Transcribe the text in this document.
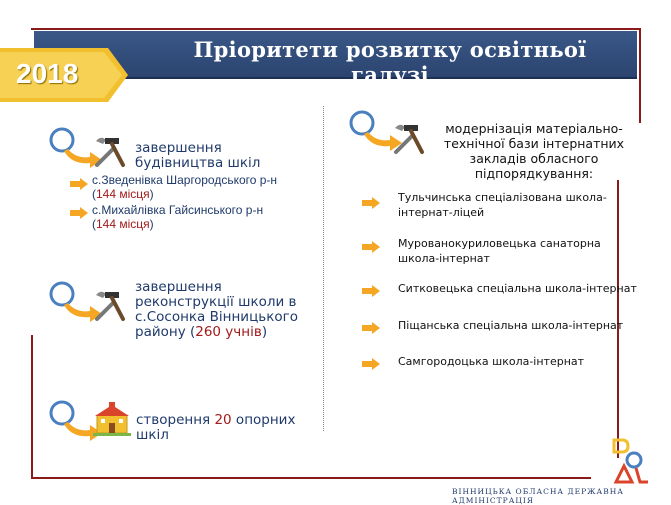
Пріоритети розвитку освітньої галузі
2018
завершення
будівництва шкіл
с.Зведенівка Шаргородського р-н
(144 місця)
с.Михайлівка Гайсинського р-н
(144 місця)
завершення
реконструкції школи в
с.Сосонка Вінницького
району (260 учнів)
створення 20 опорних
шкіл
модернізація матеріально-
технічної бази інтернатних
закладів обласного
підпорядкування:
Тульчинська спеціалізована школа-
інтернат-ліцей
Мурованокуриловецька санаторна
школа-інтернат
Ситковецька спеціальна школа-інтернат
Піщанська спеціальна школа-інтернат
Самгородоцька школа-інтернат
ВІННИЦЬКА ОБЛАСНА ДЕРЖАВНА АДМІНІСТРАЦІЯ
